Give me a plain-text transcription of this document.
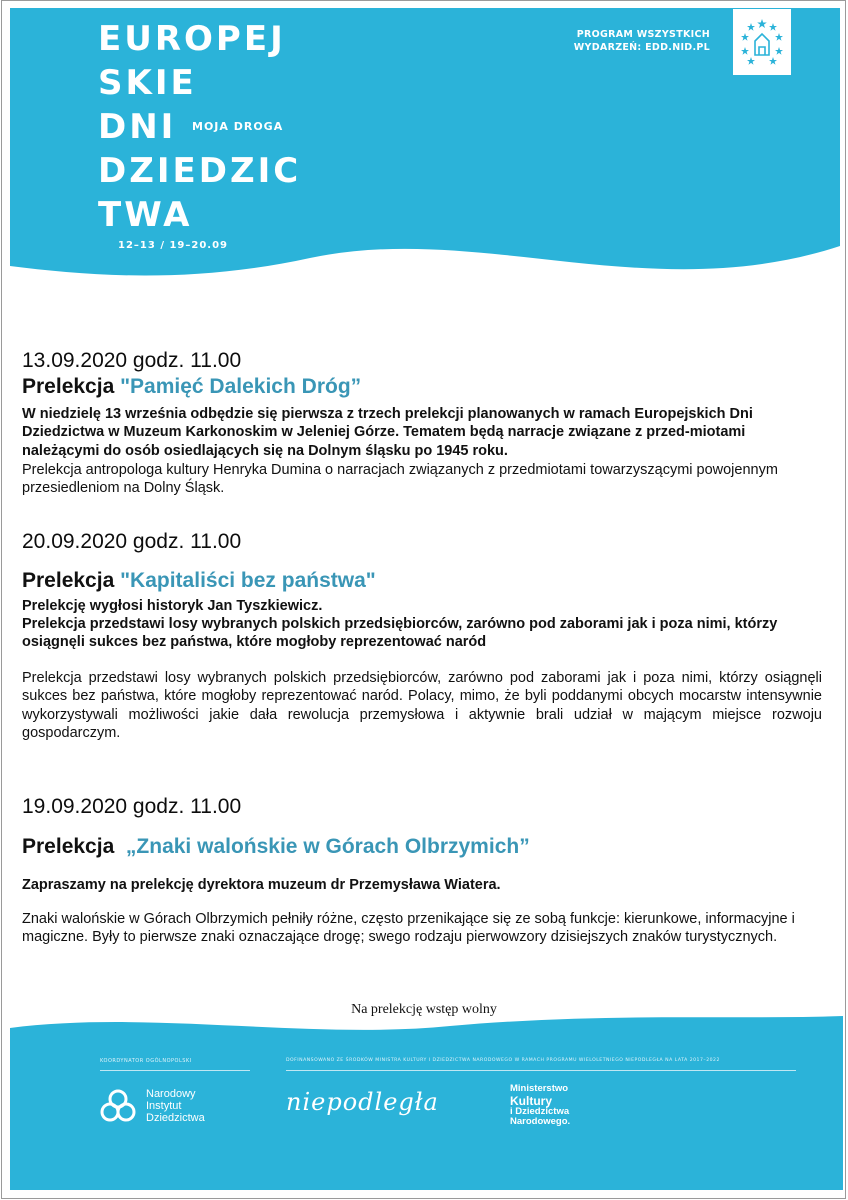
EUROPEJ
SKIE
DNI
DZIEDZIC
TWA
MOJA DROGA
12–13 / 19–20.09
PROGRAM WSZYSTKICH
WYDARZEŃ: EDD.NID.PL
13.09.2020 godz. 11.00
Prelekcja "Pamięć Dalekich Dróg”
W niedzielę 13 września odbędzie się pierwsza z trzech prelekcji planowanych w ramach Europejskich Dni Dziedzictwa w Muzeum Karkonoskim w Jeleniej Górze. Tematem będą narracje związane z przed-miotami należącymi do osób osiedlających się na Dolnym śląsku po 1945 roku.
Prelekcja antropologa kultury Henryka Dumina o narracjach związanych z przedmiotami towarzyszącymi powojennym przesiedleniom na Dolny Śląsk.
20.09.2020 godz. 11.00
Prelekcja "Kapitaliści bez państwa"
Prelekcję wygłosi historyk Jan Tyszkiewicz.
Prelekcja przedstawi losy wybranych polskich przedsiębiorców, zarówno pod zaborami jak i poza nimi, którzy osiągnęli sukces bez państwa, które mogłoby reprezentować naród
Prelekcja przedstawi losy wybranych polskich przedsiębiorców, zarówno pod zaborami jak i poza nimi, którzy osiągnęli sukces bez państwa, które mogłoby reprezentować naród. Polacy, mimo, że byli poddanymi obcych mocarstw intensywnie wykorzystywali możliwości jakie dała rewolucja przemysłowa i aktywnie brali udział w mającym miejsce rozwoju gospodarczym.
19.09.2020 godz. 11.00
Prelekcja  „Znaki walońskie w Górach Olbrzymich”
Zapraszamy na prelekcję dyrektora muzeum dr Przemysława Wiatera.
Znaki walońskie w Górach Olbrzymich pełniły różne, często przenikające się ze sobą funkcje: kierunkowe, informacyjne i magiczne. Były to pierwsze znaki oznaczające drogę; swego rodzaju pierwowzory dzisiejszych znaków turystycznych.
Na prelekcję wstęp wolny
KOORDYNATOR OGÓLNOPOLSKI	DOFINANSOWANO ZE ŚRODKÓW MINISTRA KULTURY I DZIEDZICTWA NARODOWEGO W RAMACH PROGRAMU WIELOLETNIEGO NIEPODLEGŁA NA LATA 2017–2022
Narodowy
Instytut
Dziedzictwa
niepodległa	Ministerstwo
Kultury
i Dziedzictwa
Narodowego.
